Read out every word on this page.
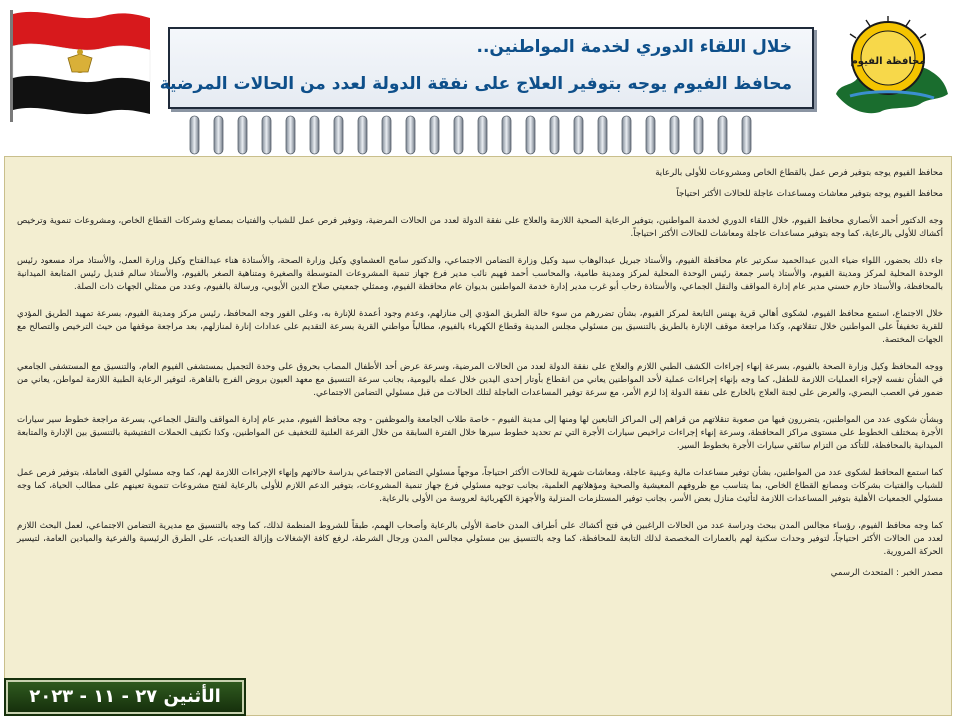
محافظة الفيوم
خلال اللقاء الدوري لخدمة المواطنين..
محافظ الفيوم يوجه بتوفير العلاج على نفقة الدولة لعدد من الحالات المرضية

محافظ الفيوم يوجه بتوفير فرص عمل بالقطاع الخاص ومشروعات للأولى بالرعاية

محافظ الفيوم يوجه بتوفير معاشات ومساعدات عاجلة للحالات الأكثر احتياجاً

وجه الدكتور أحمد الأنصاري محافظ الفيوم، خلال اللقاء الدوري لخدمة المواطنين، بتوفير الرعاية الصحية اللازمة والعلاج على نفقة الدولة لعدد من الحالات المرضية، وتوفير فرص عمل للشباب والفتيات بمصانع وشركات القطاع الخاص، ومشروعات تنموية وترخيص أكشاك للأولى بالرعاية، كما وجه بتوفير مساعدات عاجلة ومعاشات للحالات الأكثر احتياجاً.

جاء ذلك بحضور، اللواء ضياء الدين عبدالحميد سكرتير عام محافظة الفيوم، والأستاذ جبريل عبدالوهاب سيد وكيل وزارة التضامن الاجتماعي، والدكتور سامح العشماوي وكيل وزارة الصحة، والأستاذة هناء عبدالفتاح وكيل وزارة العمل، والأستاذ مراد مسعود رئيس الوحدة المحلية لمركز ومدينة الفيوم، والأستاذ ياسر جمعة رئيس الوحدة المحلية لمركز ومدينة طامية، والمحاسب أحمد فهيم نائب مدير فرع جهاز تنمية المشروعات المتوسطة والصغيرة ومتناهية الصغر بالفيوم، والأستاذ سالم قنديل رئيس المتابعة الميدانية بالمحافظة، والأستاذ حازم حسني مدير عام إدارة المواقف والنقل الجماعي، والأستاذة رحاب أبو غرب مدير إدارة خدمة المواطنين بديوان عام محافظة الفيوم، وممثلي جمعيتي صلاح الدين الأيوبي، ورسالة بالفيوم، وعدد من ممثلي الجهات ذات الصلة.

خلال الاجتماع، استمع محافظ الفيوم، لشكوى أهالي قرية بهنس التابعة لمركز الفيوم، بشأن تضررهم من سوء حالة الطريق المؤدي إلى منازلهم، وعدم وجود أعمدة للإنارة به، وعلى الفور وجه المحافظ، رئيس مركز ومدينة الفيوم، بسرعة تمهيد الطريق المؤدي للقرية تخفيفاً على المواطنين خلال تنقلاتهم، وكذا مراجعة موقف الإنارة بالطريق بالتنسيق بين مسئولي مجلس المدينة وقطاع الكهرباء بالفيوم، مطالباً مواطني القرية بسرعة التقديم على عدادات إنارة لمنازلهم، بعد مراجعة موقفها من حيث الترخيص والتصالح مع الجهات المختصة.

ووجه المحافظ وكيل وزارة الصحة بالفيوم، بسرعة إنهاء إجراءات الكشف الطبي اللازم والعلاج على نفقة الدولة لعدد من الحالات المرضية، وسرعة عرض أحد الأطفال المصاب بحروق على وحدة التجميل بمستشفى الفيوم العام، والتنسيق مع المستشفى الجامعي في الشأن نفسه لإجراء العمليات اللازمة للطفل، كما وجه بإنهاء إجراءات عملية لأحد المواطنين يعاني من انقطاع بأوتار إحدى اليدين خلال عمله باليومية، بجانب سرعة التنسيق مع معهد العيون بروض الفرج بالقاهرة، لتوفير الرعاية الطبية اللازمة لمواطن، يعاني من ضمور في العصب البصري، والعرض على لجنة العلاج بالخارج على نفقة الدولة إذا لزم الأمر، مع سرعة توفير المساعدات العاجلة لتلك الحالات من قبل مسئولي التضامن الاجتماعي.

وبشأن شكوى عدد من المواطنين، يتضررون فيها من صعوبة تنقلاتهم من قراهم إلى المراكز التابعين لها ومنها إلى مدينة الفيوم - خاصة طلاب الجامعة والموظفين - وجه محافظ الفيوم، مدير عام إدارة المواقف والنقل الجماعي، بسرعة مراجعة خطوط سير سيارات الأجرة بمختلف الخطوط على مستوى مراكز المحافظة، وسرعة إنهاء إجراءات تراخيص سيارات الأجرة التي تم تحديد خطوط سيرها خلال الفترة السابقة من خلال القرعة العلنية للتخفيف عن المواطنين، وكذا تكثيف الحملات التفتيشية بالتنسيق بين الإدارة والمتابعة الميدانية بالمحافظة، للتأكد من التزام سائقي سيارات الأجرة بخطوط السير.

كما استمع المحافظ لشكوى عدد من المواطنين، بشأن توفير مساعدات مالية وعينية عاجلة، ومعاشات شهرية للحالات الأكثر احتياجاً، موجهاً مسئولي التضامن الاجتماعي بدراسة حالاتهم وإنهاء الإجراءات اللازمة لهم، كما وجه مسئولي القوى العاملة، بتوفير فرص عمل للشباب والفتيات بشركات ومصانع القطاع الخاص، بما يتناسب مع ظروفهم المعيشية والصحية ومؤهلاتهم العلمية، بجانب توجيه مسئولي فرع جهاز تنمية المشروعات، بتوفير الدعم اللازم للأولى بالرعاية لفتح مشروعات تنموية تعينهم على مطالب الحياة، كما وجه مسئولي الجمعيات الأهلية بتوفير المساعدات اللازمة لتأثيث منازل بعض الأسر، بجانب توفير المستلزمات المنزلية والأجهزة الكهربائية لعروسة من الأولى بالرعاية.

كما وجه محافظ الفيوم، رؤساء مجالس المدن ببحث ودراسة عدد من الحالات الراغبين في فتح أكشاك على أطراف المدن خاصة الأولى بالرعاية وأصحاب الهمم، طبقاً للشروط المنظمة لذلك، كما وجه بالتنسيق مع مديرية التضامن الاجتماعي، لعمل البحث اللازم لعدد من الحالات الأكثر احتياجاً، لتوفير وحدات سكنية لهم بالعمارات المخصصة لذلك التابعة للمحافظة، كما وجه بالتنسيق بين مسئولي مجالس المدن ورجال الشرطة، لرفع كافة الإشغالات وإزالة التعديات، على الطرق الرئيسية والفرعية والميادين العامة، لتيسير الحركة المرورية.

مصدر الخبر : المتحدث الرسمي

الأثنين ٢٧ - ١١ - ٢٠٢٣
